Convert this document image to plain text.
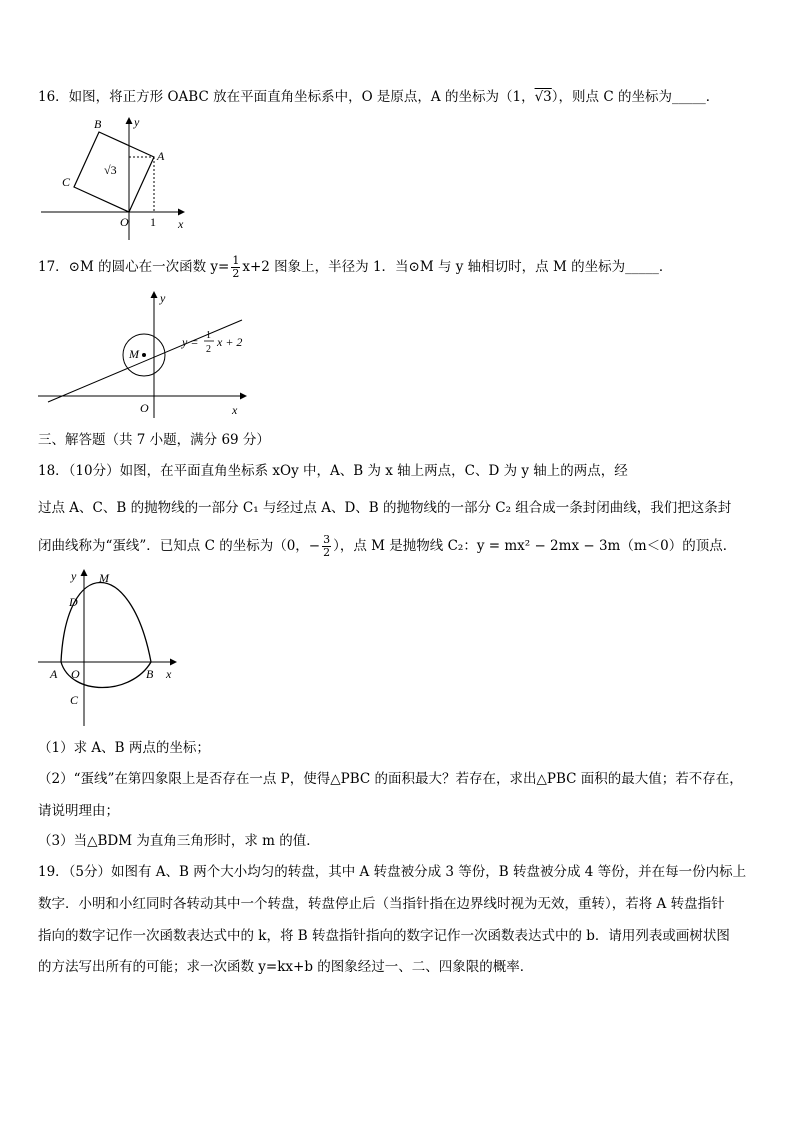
16．如图，将正方形 OABC 放在平面直角坐标系中，O 是原点，A 的坐标为（1，√3），则点 C 的坐标为_____．
B	y
A
C
√3
O 1 x
17．⊙M 的圆心在一次函数 $y= \frac{1}{2} x+2$ 图象上，半径为 1．当⊙M 与 y 轴相切时，点 M 的坐标为_____．
y
M
y = 1
2
x + 2
O	x
三、解答题（共 7 小题，满分 69 分）
18．（10分）如图，在平面直角坐标系 xOy 中，A、B 为 x 轴上两点，C、D 为 y 轴上的两点，经
过点 A、C、B 的抛物线的一部分 C₁ 与经过点 A、D、B 的抛物线的一部分 C₂ 组合成一条封闭曲线，我们把这条封
闭曲线称为“蛋线”．已知点 C 的坐标为（0，− $\frac{3}{2}$ ），点 M 是抛物线 C₂：y = mx² − 2mx − 3m（m＜0）的顶点．
y M
D
A O	B x
C
（1）求 A、B 两点的坐标；
（2）“蛋线”在第四象限上是否存在一点 P，使得△PBC 的面积最大？若存在，求出△PBC 面积的最大值；若不存在，
请说明理由；
（3）当△BDM 为直角三角形时，求 m 的值．
19．（5分）如图有 A、B 两个大小均匀的转盘，其中 A 转盘被分成 3 等份，B 转盘被分成 4 等份，并在每一份内标上
数字．小明和小红同时各转动其中一个转盘，转盘停止后（当指针指在边界线时视为无效，重转），若将 A 转盘指针
指向的数字记作一次函数表达式中的 k，将 B 转盘指针指向的数字记作一次函数表达式中的 b．请用列表或画树状图
的方法写出所有的可能；求一次函数 y=kx+b 的图象经过一、二、四象限的概率．
